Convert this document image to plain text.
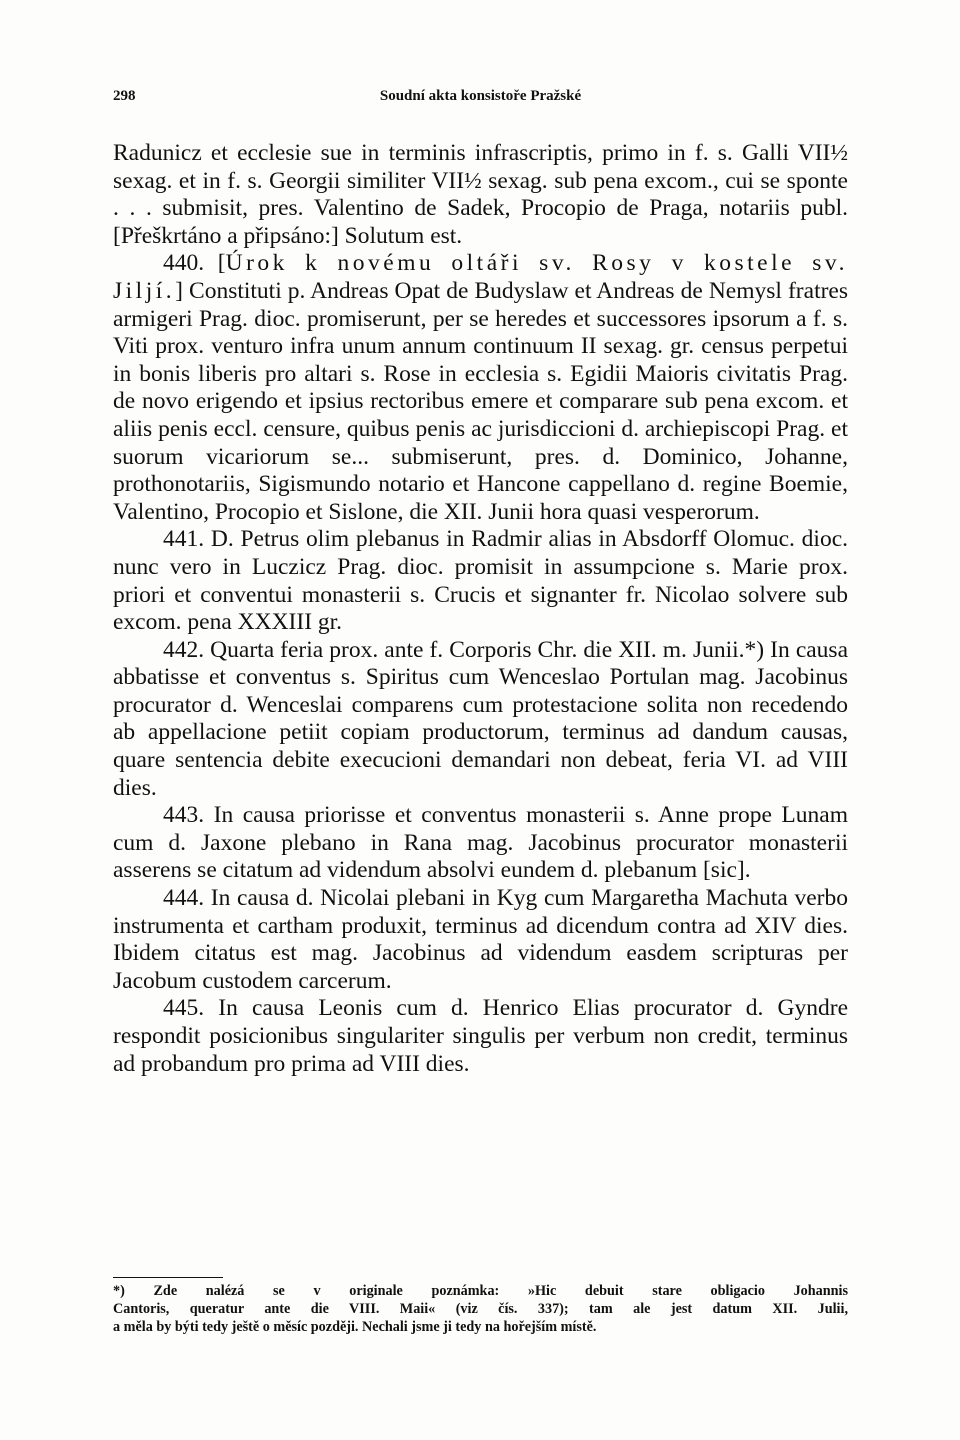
298	Soudní akta konsistoře Pražské

Radunicz et ecclesie sue in terminis infrascriptis, primo in f. s. Galli VII½ sexag. et in f. s. Georgii similiter VII½ sexag. sub pena excom., cui se sponte . . . submisit, pres. Valentino de Sadek, Procopio de Praga, notariis publ. [Přeškrtáno a připsáno:] Solutum est.

440. [Úrok k novému oltáři sv. Rosy v kostele sv. Jiljí.] Constituti p. Andreas Opat de Budyslaw et Andreas de Nemysl fratres armigeri Prag. dioc. promiserunt, per se heredes et successores ipsorum a f. s. Viti prox. venturo infra unum annum continuum II sexag. gr. census perpetui in bonis liberis pro altari s. Rose in ecclesia s. Egidii Maioris civitatis Prag. de novo erigendo et ipsius rectoribus emere et comparare sub pena excom. et aliis penis eccl. censure, quibus penis ac jurisdiccioni d. archiepiscopi Prag. et suorum vicariorum se... submiserunt, pres. d. Dominico, Johanne, prothonotariis, Sigismundo notario et Hancone cappellano d. regine Boemie, Valentino, Procopio et Sislone, die XII. Junii hora quasi vesperorum.

441. D. Petrus olim plebanus in Radmir alias in Absdorff Olomuc. dioc. nunc vero in Luczicz Prag. dioc. promisit in assumpcione s. Marie prox. priori et conventui monasterii s. Crucis et signanter fr. Nicolao solvere sub excom. pena XXXIII gr.

442. Quarta feria prox. ante f. Corporis Chr. die XII. m. Junii.*) In causa abbatisse et conventus s. Spiritus cum Wenceslao Portulan mag. Jacobinus procurator d. Wenceslai comparens cum protestacione solita non recedendo ab appellacione petiit copiam productorum, terminus ad dandum causas, quare sentencia debite execucioni demandari non debeat, feria VI. ad VIII dies.

443. In causa priorisse et conventus monasterii s. Anne prope Lunam cum d. Jaxone plebano in Rana mag. Jacobinus procurator monasterii asserens se citatum ad videndum absolvi eundem d. plebanum [sic].

444. In causa d. Nicolai plebani in Kyg cum Margaretha Machuta verbo instrumenta et cartham produxit, terminus ad dicendum contra ad XIV dies. Ibidem citatus est mag. Jacobinus ad videndum easdem scripturas per Jacobum custodem carcerum.

445. In causa Leonis cum d. Henrico Elias procurator d. Gyndre respondit posicionibus singulariter singulis per verbum non credit, terminus ad probandum pro prima ad VIII dies.

*) Zde nalézá se v originale poznámka: »Hic debuit stare obligacio Johannis
Cantoris, queratur ante die VIII. Maii« (viz čís. 337); tam ale jest datum XII. Julii,
a měla by býti tedy ještě o měsíc později. Nechali jsme ji tedy na hořejším místě.
